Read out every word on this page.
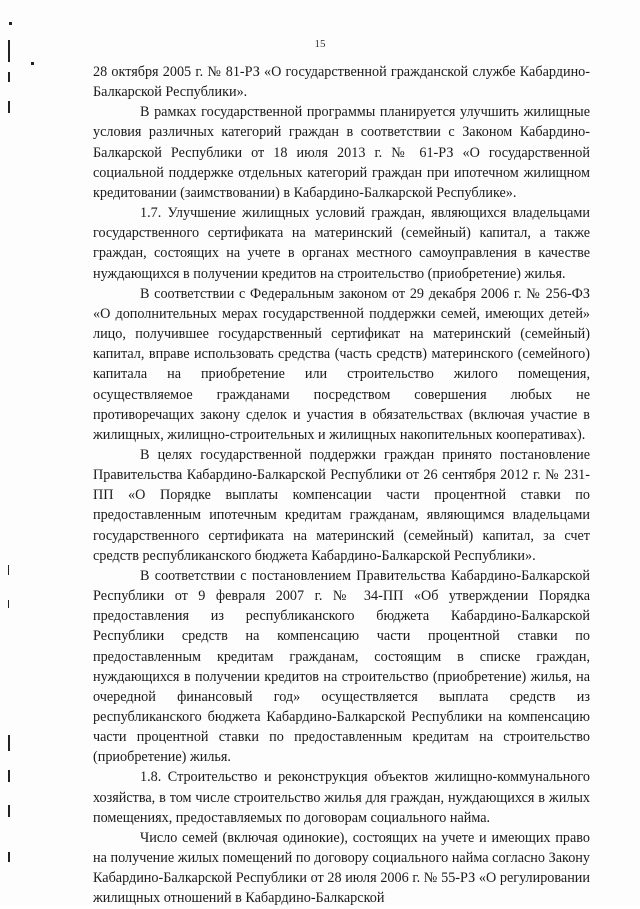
15

28 октября 2005 г. № 81-РЗ «О государственной гражданской службе Кабардино-Балкарской Республики».

В рамках государственной программы планируется улучшить жилищные условия различных категорий граждан в соответствии с Законом Кабардино-Балкарской Республики от 18 июля 2013 г. № 61-РЗ «О государственной социальной поддержке отдельных категорий граждан при ипотечном жилищном кредитовании (заимствовании) в Кабардино-Балкарской Республике».

1.7. Улучшение жилищных условий граждан, являющихся владельцами государственного сертификата на материнский (семейный) капитал, а также граждан, состоящих на учете в органах местного самоуправления в качестве нуждающихся в получении кредитов на строительство (приобретение) жилья.

В соответствии с Федеральным законом от 29 декабря 2006 г. № 256-ФЗ «О дополнительных мерах государственной поддержки семей, имеющих детей» лицо, получившее государственный сертификат на материнский (семейный) капитал, вправе использовать средства (часть средств) материнского (семейного) капитала на приобретение или строительство жилого помещения, осуществляемое гражданами посредством совершения любых не противоречащих закону сделок и участия в обязательствах (включая участие в жилищных, жилищно-строительных и жилищных накопительных кооперативах).

В целях государственной поддержки граждан принято постановление Правительства Кабардино-Балкарской Республики от 26 сентября 2012 г. № 231-ПП «О Порядке выплаты компенсации части процентной ставки по предоставленным ипотечным кредитам гражданам, являющимся владельцами государственного сертификата на материнский (семейный) капитал, за счет средств республиканского бюджета Кабардино-Балкарской Республики».

В соответствии с постановлением Правительства Кабардино-Балкарской Республики от 9 февраля 2007 г. № 34-ПП «Об утверждении Порядка предоставления из республиканского бюджета Кабардино-Балкарской Республики средств на компенсацию части процентной ставки по предоставленным кредитам гражданам, состоящим в списке граждан, нуждающихся в получении кредитов на строительство (приобретение) жилья, на очередной финансовый год» осуществляется выплата средств из республиканского бюджета Кабардино-Балкарской Республики на компенсацию части процентной ставки по предоставленным кредитам на строительство (приобретение) жилья.

1.8. Строительство и реконструкция объектов жилищно-коммунального хозяйства, в том числе строительство жилья для граждан, нуждающихся в жилых помещениях, предоставляемых по договорам социального найма.

Число семей (включая одинокие), состоящих на учете и имеющих право на получение жилых помещений по договору социального найма согласно Закону Кабардино-Балкарской Республики от 28 июля 2006 г. № 55-РЗ «О регулировании жилищных отношений в Кабардино-Балкарской
